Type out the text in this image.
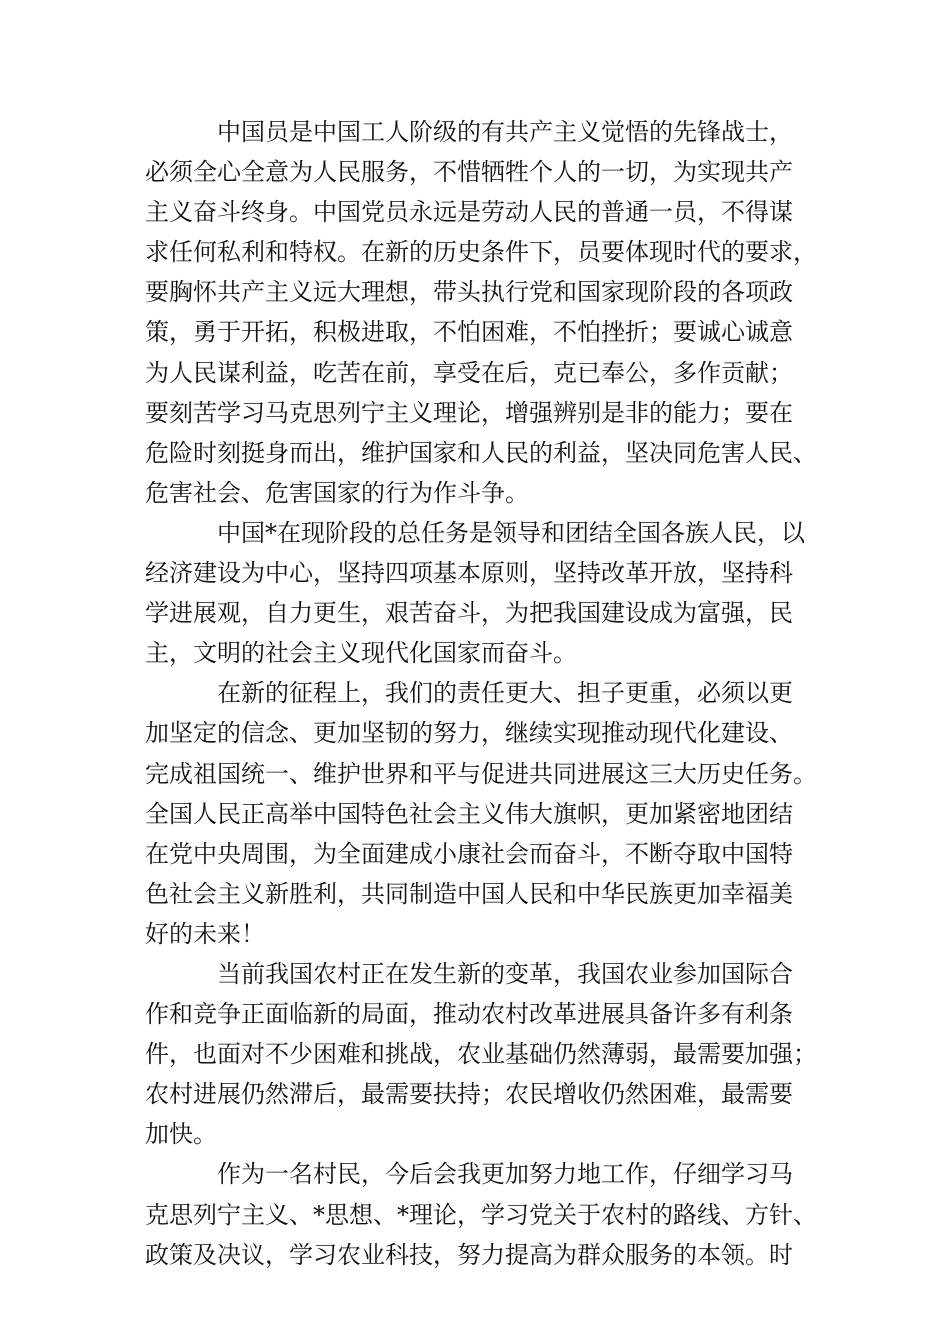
中国员是中国工人阶级的有共产主义觉悟的先锋战士，
必须全心全意为人民服务，不惜牺牲个人的一切，为实现共产
主义奋斗终身。中国党员永远是劳动人民的普通一员，不得谋
求任何私利和特权。在新的历史条件下，员要体现时代的要求，
要胸怀共产主义远大理想，带头执行党和国家现阶段的各项政
策，勇于开拓，积极进取，不怕困难，不怕挫折；要诚心诚意
为人民谋利益，吃苦在前，享受在后，克已奉公，多作贡献；
要刻苦学习马克思列宁主义理论，增强辨别是非的能力；要在
危险时刻挺身而出，维护国家和人民的利益，坚决同危害人民、
危害社会、危害国家的行为作斗争。
中国*在现阶段的总任务是领导和团结全国各族人民，以
经济建设为中心，坚持四项基本原则，坚持改革开放，坚持科
学进展观，自力更生，艰苦奋斗，为把我国建设成为富强，民
主，文明的社会主义现代化国家而奋斗。
在新的征程上，我们的责任更大、担子更重，必须以更
加坚定的信念、更加坚韧的努力，继续实现推动现代化建设、
完成祖国统一、维护世界和平与促进共同进展这三大历史任务。
全国人民正高举中国特色社会主义伟大旗帜，更加紧密地团结
在党中央周围，为全面建成小康社会而奋斗，不断夺取中国特
色社会主义新胜利，共同制造中国人民和中华民族更加幸福美
好的未来！
当前我国农村正在发生新的变革，我国农业参加国际合
作和竞争正面临新的局面，推动农村改革进展具备许多有利条
件，也面对不少困难和挑战，农业基础仍然薄弱，最需要加强；
农村进展仍然滞后，最需要扶持；农民增收仍然困难，最需要
加快。
作为一名村民，今后会我更加努力地工作，仔细学习马
克思列宁主义、*思想、*理论，学习党关于农村的路线、方针、
政策及决议，学习农业科技，努力提高为群众服务的本领。时
